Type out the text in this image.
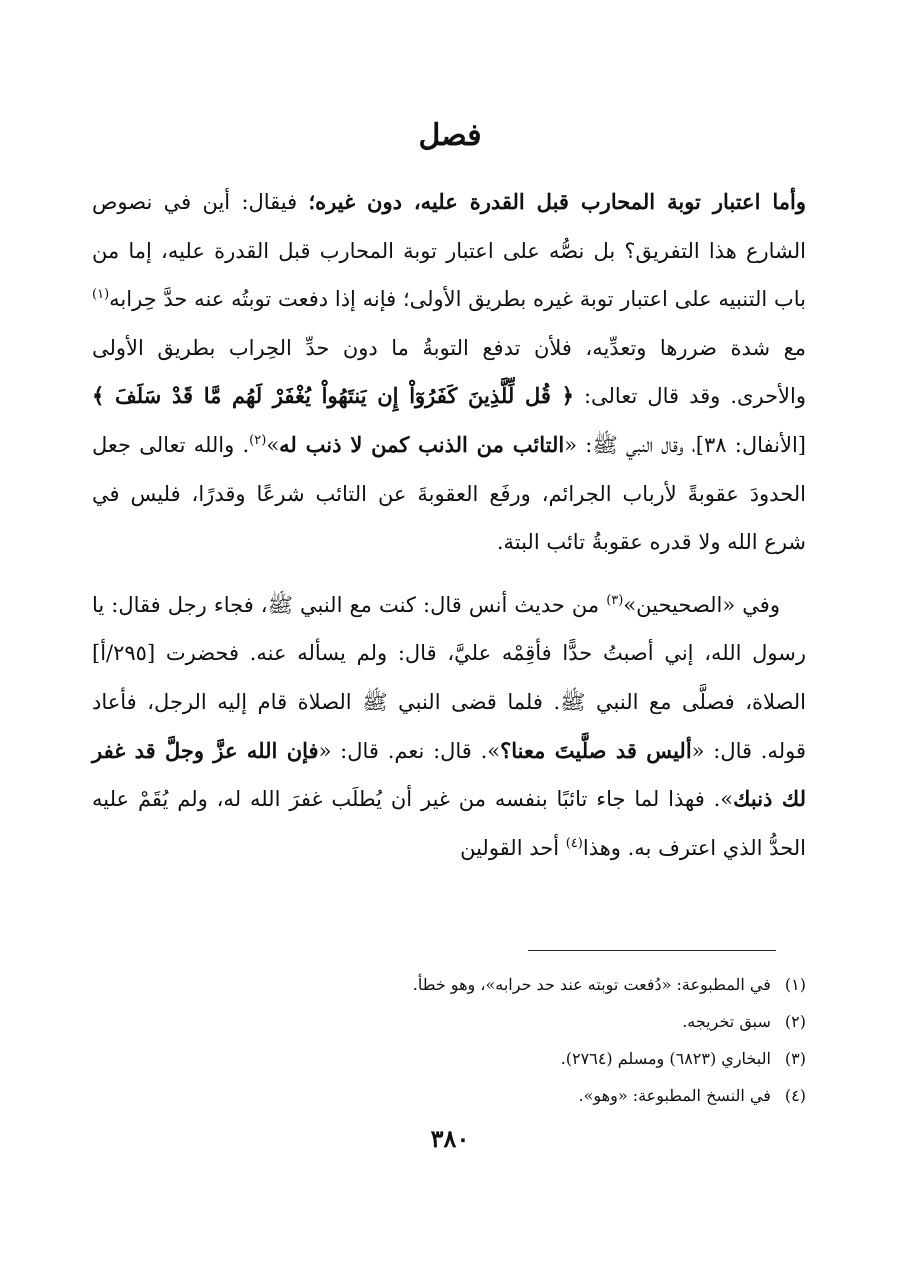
فصل

وأما اعتبار توبة المحارب قبل القدرة عليه، دون غيره؛ فيقال: أين في نصوص الشارع هذا التفريق؟ بل نصُّه على اعتبار توبة المحارب قبل القدرة عليه، إما من باب التنبيه على اعتبار توبة غيره بطريق الأولى؛ فإنه إذا دفعت توبتُه عنه حدَّ حِرابه$^{(١)}$ مع شدة ضررها وتعدِّيه، فلأن تدفع التوبةُ ما دون حدِّ الحِراب بطريق الأولى والأحرى. وقد قال تعالى: ﴿ قُل لِّلَّذِينَ كَفَرُوٓاْ إِن يَنتَهُواْ يُغْفَرْ لَهُم مَّا قَدْ سَلَفَ ﴾ [الأنفال: ٣٨]، وقال النبي ﷺ: «التائب من الذنب كمن لا ذنب له»$^{(٢)}$. والله تعالى جعل الحدودَ عقوبةً لأرباب الجرائم، ورفَع العقوبةَ عن التائب شرعًا وقدرًا، فليس في شرع الله ولا قدره عقوبةُ تائب البتة.

وفي «الصحيحين»$^{(٣)}$ من حديث أنس قال: كنت مع النبي ﷺ، فجاء رجل فقال: يا رسول الله، إني أصبتُ حدًّا فأقِمْه عليَّ، قال: ولم يسأله عنه. فحضرت [٢٩٥/أ] الصلاة، فصلَّى مع النبي ﷺ. فلما قضى النبي ﷺ الصلاة قام إليه الرجل، فأعاد قوله. قال: «أليس قد صلَّيتَ معنا؟». قال: نعم. قال: «فإن الله عزَّ وجلَّ قد غفر لك ذنبك». فهذا لما جاء تائبًا بنفسه من غير أن يُطلَب غفرَ الله له، ولم يُقَمْ عليه الحدُّ الذي اعترف به. وهذا$^{(٤)}$ أحد القولين

(١)
في المطبوعة: «دُفعت توبته عند حد حرابه»، وهو خطأ.
(٢)
سبق تخريجه.
(٣)
البخاري (٦٨٢٣) ومسلم (٢٧٦٤).
(٤)
في النسخ المطبوعة: «وهو».
٣٨٠
